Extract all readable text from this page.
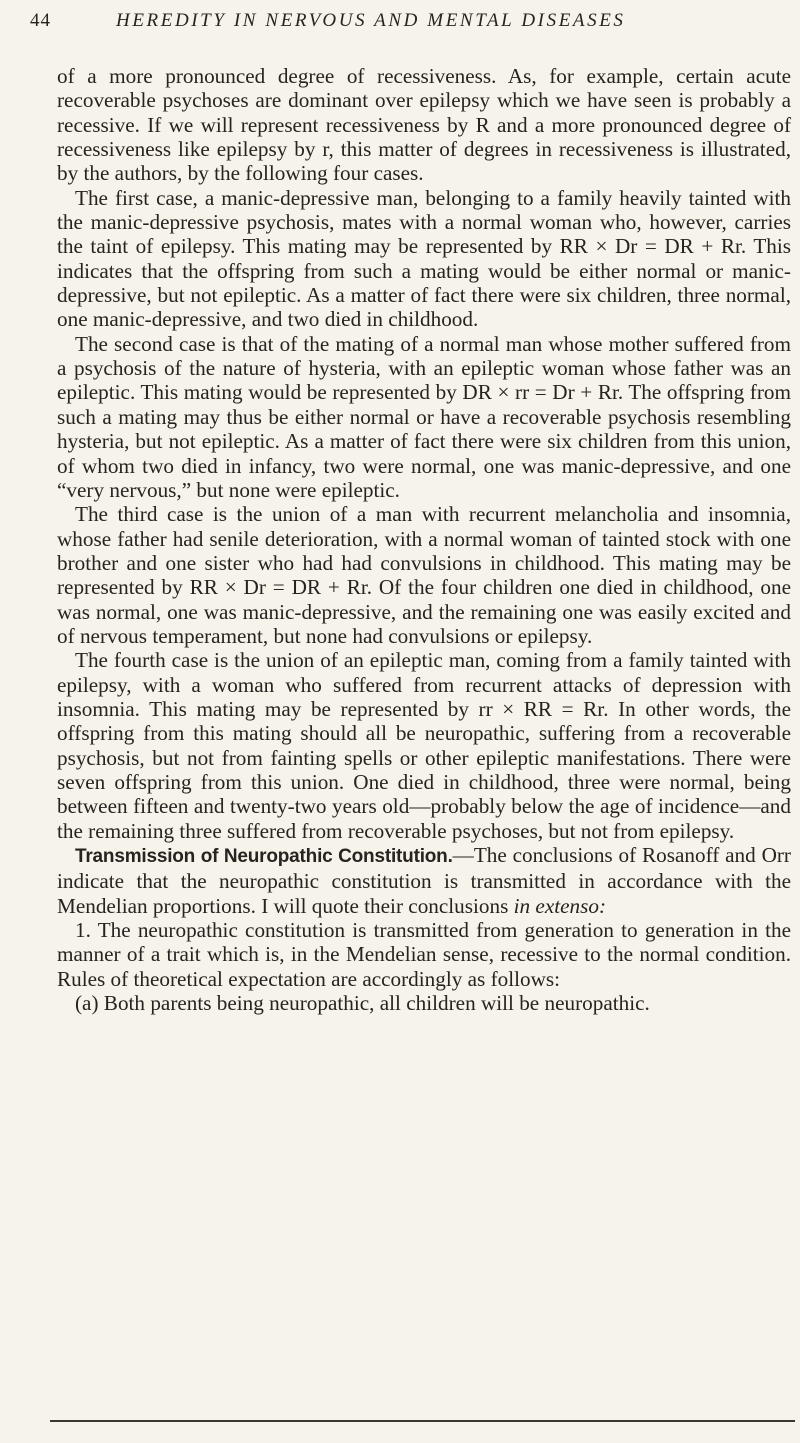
44	HEREDITY IN NERVOUS AND MENTAL DISEASES

of a more pronounced degree of recessiveness. As, for example, certain acute recoverable psychoses are dominant over epilepsy which we have seen is probably a recessive. If we will represent recessiveness by R and a more pronounced degree of recessiveness like epilepsy by r, this matter of degrees in recessiveness is illustrated, by the authors, by the following four cases.

The first case, a manic-depressive man, belonging to a family heavily tainted with the manic-depressive psychosis, mates with a normal woman who, however, carries the taint of epilepsy. This mating may be represented by RR × Dr = DR + Rr. This indicates that the offspring from such a mating would be either normal or manic-depressive, but not epileptic. As a matter of fact there were six children, three normal, one manic-depressive, and two died in childhood.

The second case is that of the mating of a normal man whose mother suffered from a psychosis of the nature of hysteria, with an epileptic woman whose father was an epileptic. This mating would be represented by DR × rr = Dr + Rr. The offspring from such a mating may thus be either normal or have a recoverable psychosis resembling hysteria, but not epileptic. As a matter of fact there were six children from this union, of whom two died in infancy, two were normal, one was manic-depressive, and one “very nervous,” but none were epileptic.

The third case is the union of a man with recurrent melancholia and insomnia, whose father had senile deterioration, with a normal woman of tainted stock with one brother and one sister who had had convulsions in childhood. This mating may be represented by RR × Dr = DR + Rr. Of the four children one died in childhood, one was normal, one was manic-depressive, and the remaining one was easily excited and of nervous temperament, but none had convulsions or epilepsy.

The fourth case is the union of an epileptic man, coming from a family tainted with epilepsy, with a woman who suffered from recurrent attacks of depression with insomnia. This mating may be represented by rr × RR = Rr. In other words, the offspring from this mating should all be neuropathic, suffering from a recoverable psychosis, but not from fainting spells or other epileptic manifestations. There were seven offspring from this union. One died in childhood, three were normal, being between fifteen and twenty-two years old—probably below the age of incidence—and the remaining three suffered from recoverable psychoses, but not from epilepsy.

Transmission of Neuropathic Constitution.—The conclusions of Rosanoff and Orr indicate that the neuropathic constitution is transmitted in accordance with the Mendelian proportions. I will quote their conclusions in extenso:

1. The neuropathic constitution is transmitted from generation to generation in the manner of a trait which is, in the Mendelian sense, recessive to the normal condition. Rules of theoretical expectation are accordingly as follows:

(a) Both parents being neuropathic, all children will be neuropathic.
